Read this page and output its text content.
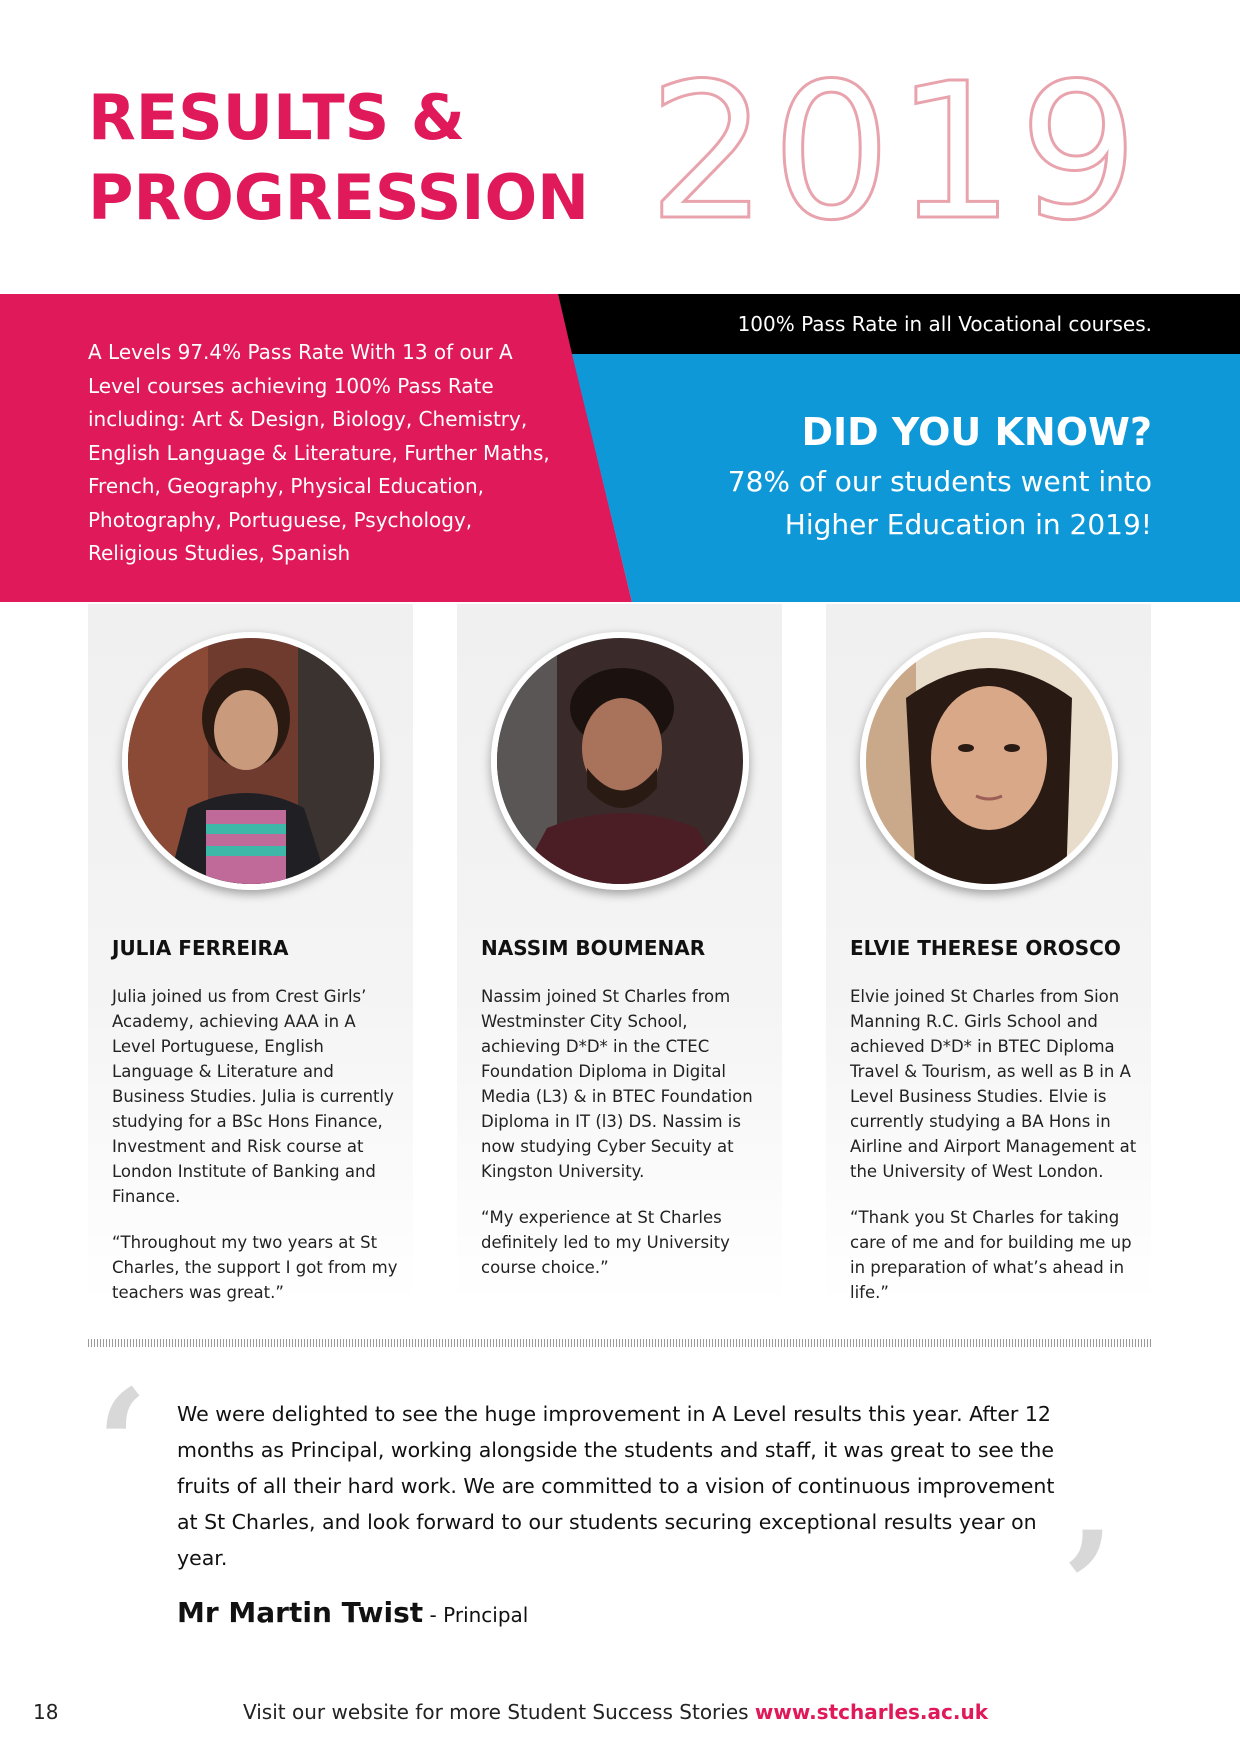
RESULTS &
PROGRESSION 2019
A Levels 97.4% Pass Rate With 13 of our A Level courses achieving 100% Pass Rate including: Art & Design, Biology, Chemistry, English Language & Literature, Further Maths, French, Geography, Physical Education, Photography, Portuguese, Psychology, Religious Studies, Spanish
100% Pass Rate in all Vocational courses.
DID YOU KNOW?
78% of our students went into Higher Education in 2019!
JULIA FERREIRA
Julia joined us from Crest Girls’ Academy, achieving AAA in A Level Portuguese, English Language & Literature and Business Studies. Julia is currently studying for a BSc Hons Finance, Investment and Risk course at London Institute of Banking and Finance.
“Throughout my two years at St Charles, the support I got from my teachers was great.”
NASSIM BOUMENAR
Nassim joined St Charles from Westminster City School, achieving D*D* in the CTEC Foundation Diploma in Digital Media (L3) & in BTEC Foundation Diploma in IT (l3) DS. Nassim is now studying Cyber Secuity at Kingston University.
“My experience at St Charles definitely led to my University course choice.”
ELVIE THERESE OROSCO
Elvie joined St Charles from Sion Manning R.C. Girls School and achieved D*D* in BTEC Diploma Travel & Tourism, as well as B in A Level Business Studies. Elvie is currently studying a BA Hons in Airline and Airport Management at the University of West London.
“Thank you St Charles for taking care of me and for building me up in preparation of what’s ahead in life.”
‘ We were delighted to see the huge improvement in A Level results this year. After 12 months as Principal, working alongside the students and staff, it was great to see the fruits of all their hard work. We are committed to a vision of continuous improvement at St Charles, and look forward to our students securing exceptional results year on year.	’
Mr Martin Twist - Principal
18	Visit our website for more Student Success Stories www.stcharles.ac.uk
